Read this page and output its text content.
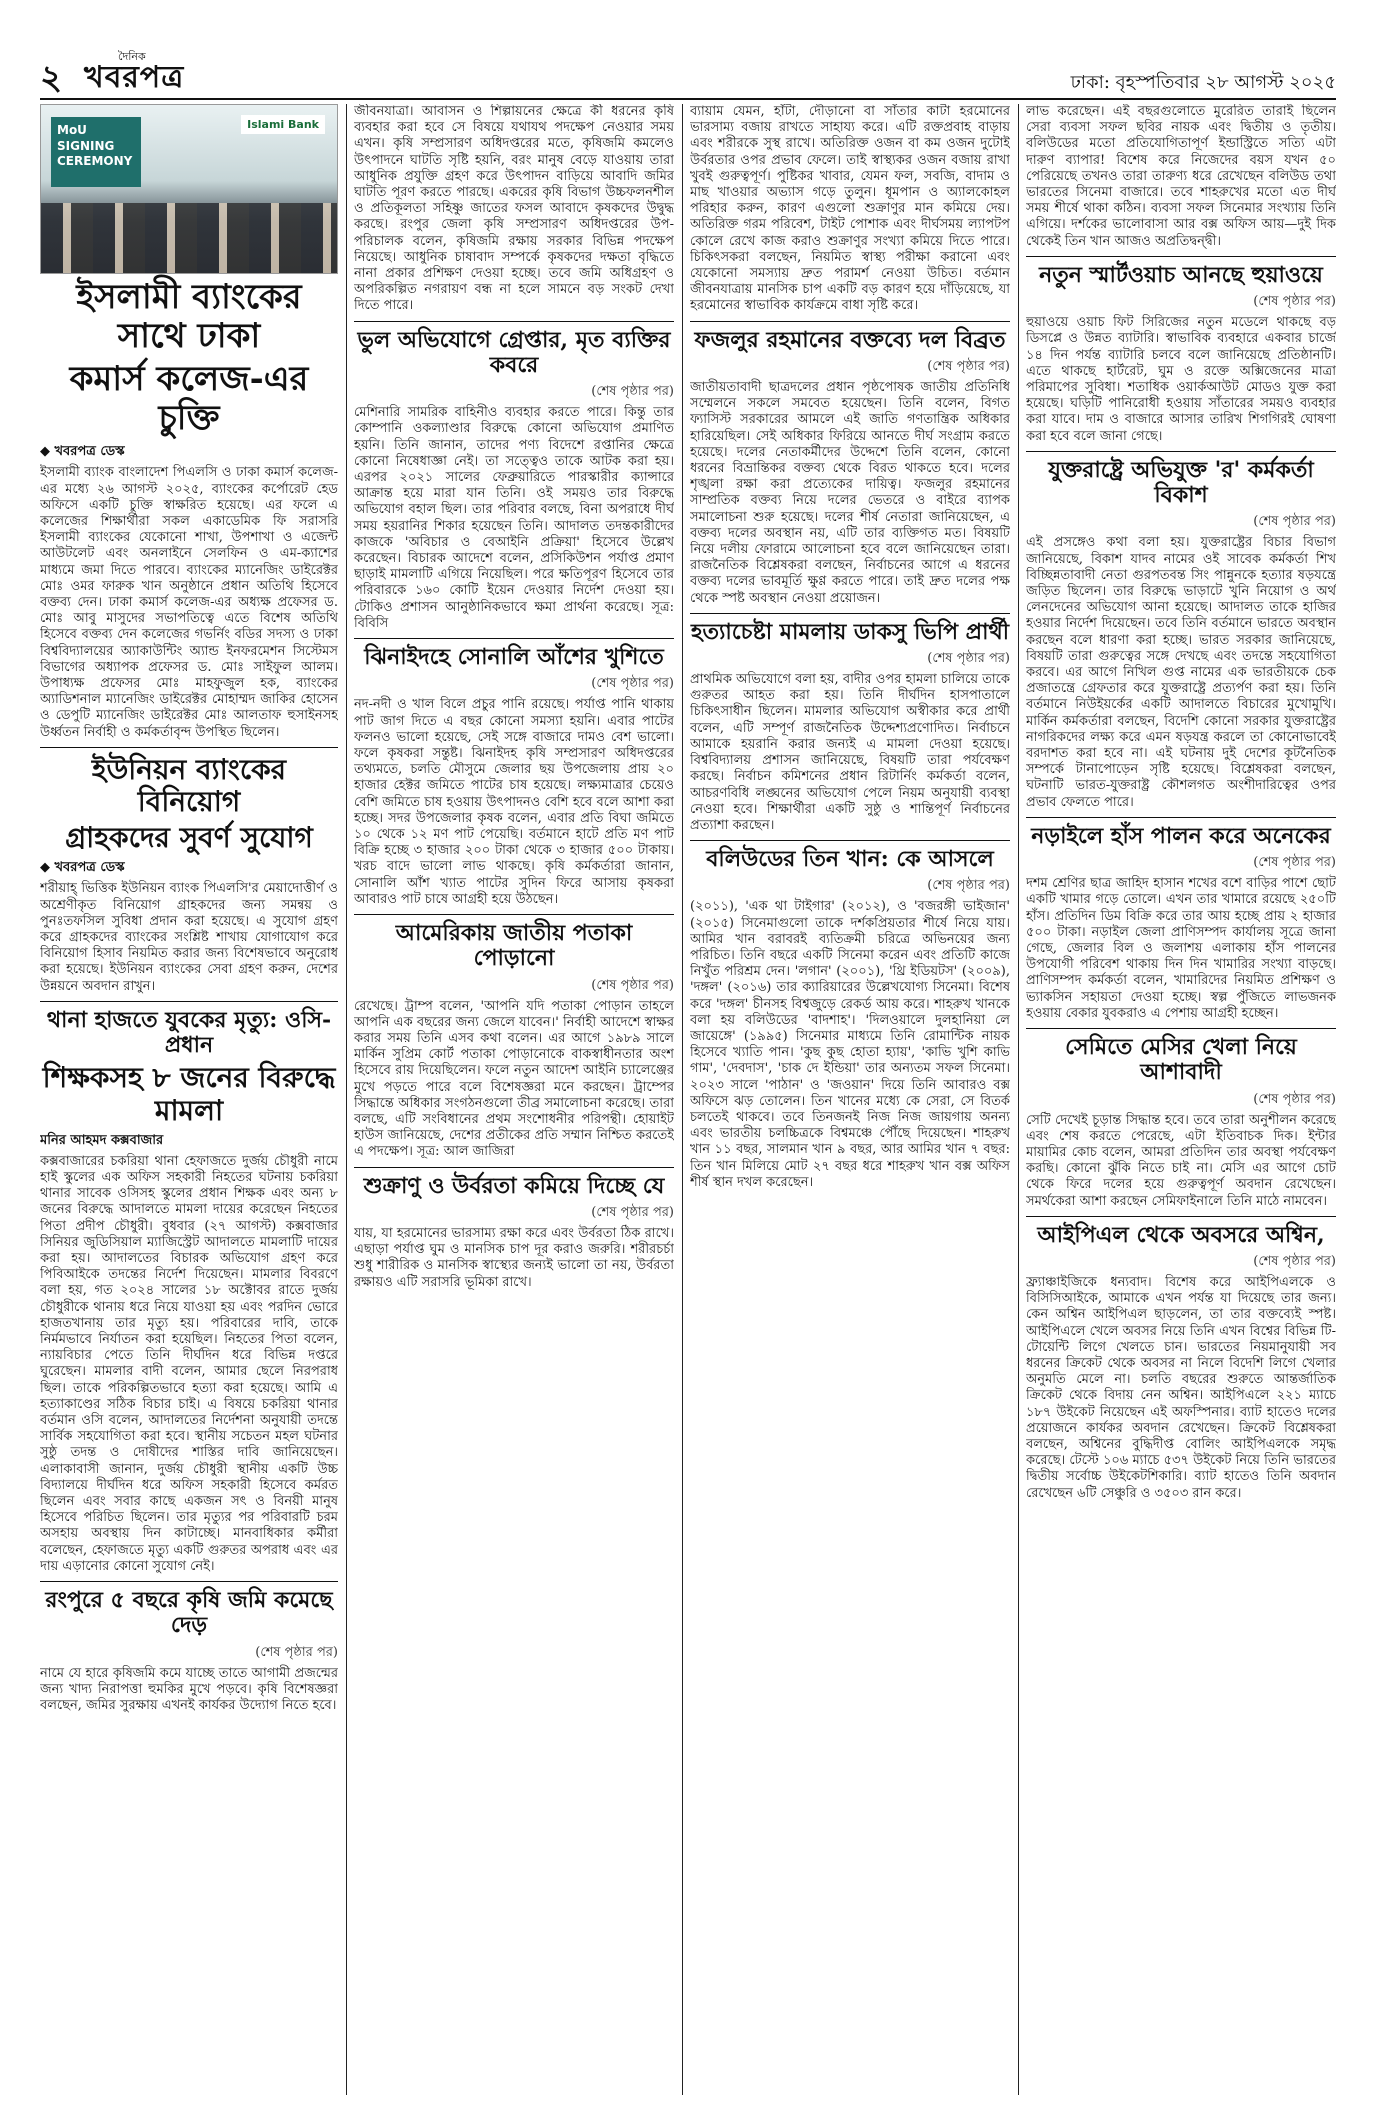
২
দৈনিক
খবরপত্র	ঢাকা: বৃহস্পতিবার ২৮ আগস্ট ২০২৫
MoU SIGNING CEREMONY
Islami Bank
ইসলামী ব্যাংকের সাথে ঢাকা
কমার্স কলেজ-এর চুক্তি
◆ খবরপত্র ডেস্ক

ইসলামী ব্যাংক বাংলাদেশ পিএলসি ও ঢাকা কমার্স কলেজ-এর মধ্যে ২৬ আগস্ট ২০২৫, ব্যাংকের কর্পোরেট হেড অফিসে একটি চুক্তি স্বাক্ষরিত হয়েছে। এর ফলে এ কলেজের শিক্ষার্থীরা সকল একাডেমিক ফি সরাসরি ইসলামী ব্যাংকের যেকোনো শাখা, উপশাখা ও এজেন্ট আউটলেট এবং অনলাইনে সেলফিন ও এম-ক্যাশের মাধ্যমে জমা দিতে পারবে। ব্যাংকের ম্যানেজিং ডাইরেক্টর মোঃ ওমর ফারুক খান অনুষ্ঠানে প্রধান অতিথি হিসেবে বক্তব্য দেন। ঢাকা কমার্স কলেজ-এর অধ্যক্ষ প্রফেসর ড. মোঃ আবু মাসুদের সভাপতিত্বে এতে বিশেষ অতিথি হিসেবে বক্তব্য দেন কলেজের গভর্নিং বডির সদস্য ও ঢাকা বিশ্ববিদ্যালয়ের অ্যাকাউন্টিং অ্যান্ড ইনফরমেশন সিস্টেমস বিভাগের অধ্যাপক প্রফেসর ড. মোঃ সাইফুল আলম। উপাধ্যক্ষ প্রফেসর মোঃ মাহফুজুল হক, ব্যাংকের অ্যাডিশনাল ম্যানেজিং ডাইরেক্টর মোহাম্মদ জাকির হোসেন ও ডেপুটি ম্যানেজিং ডাইরেক্টর মোঃ আলতাফ হুসাইনসহ উর্ধ্বতন নির্বাহী ও কর্মকর্তাবৃন্দ উপস্থিত ছিলেন।

ইউনিয়ন ব্যাংকের বিনিয়োগ
গ্রাহকদের সুবর্ণ সুযোগ
◆ খবরপত্র ডেস্ক

শরীয়াহ্ ভিত্তিক ইউনিয়ন ব্যাংক পিএলসি'র মেয়াদোত্তীর্ণ ও অশ্রেণীকৃত বিনিয়োগ গ্রাহকদের জন্য সমন্বয় ও পুনঃতফসিল সুবিধা প্রদান করা হয়েছে। এ সুযোগ গ্রহণ করে গ্রাহকদের ব্যাংকের সংশ্লিষ্ট শাখায় যোগাযোগ করে বিনিয়োগ হিসাব নিয়মিত করার জন্য বিশেষভাবে অনুরোধ করা হয়েছে। ইউনিয়ন ব্যাংকের সেবা গ্রহণ করুন, দেশের উন্নয়নে অবদান রাখুন।

থানা হাজতে যুবকের মৃত্যু: ওসি-প্রধান
শিক্ষকসহ ৮ জনের বিরুদ্ধে মামলা
মনির আহমদ কক্সবাজার

কক্সবাজারের চকরিয়া থানা হেফাজতে দুর্জয় চৌধুরী নামে হাই স্কুলের এক অফিস সহকারী নিহতের ঘটনায় চকরিয়া থানার সাবেক ওসিসহ স্কুলের প্রধান শিক্ষক এবং অন্য ৮ জনের বিরুদ্ধে আদালতে মামলা দায়ের করেছেন নিহতের পিতা প্রদীপ চৌধুরী। বুধবার (২৭ আগস্ট) কক্সবাজার সিনিয়র জুডিসিয়াল ম্যাজিস্ট্রেট আদালতে মামলাটি দায়ের করা হয়। আদালতের বিচারক অভিযোগ গ্রহণ করে পিবিআইকে তদন্তের নির্দেশ দিয়েছেন। মামলার বিবরণে বলা হয়, গত ২০২৪ সালের ১৮ অক্টোবর রাতে দুর্জয় চৌধুরীকে থানায় ধরে নিয়ে যাওয়া হয় এবং পরদিন ভোরে হাজতখানায় তার মৃত্যু হয়। পরিবারের দাবি, তাকে নির্মমভাবে নির্যাতন করা হয়েছিল। নিহতের পিতা বলেন, ন্যায়বিচার পেতে তিনি দীর্ঘদিন ধরে বিভিন্ন দপ্তরে ঘুরেছেন। মামলার বাদী বলেন, আমার ছেলে নিরপরাধ ছিল। তাকে পরিকল্পিতভাবে হত্যা করা হয়েছে। আমি এ হত্যাকাণ্ডের সঠিক বিচার চাই। এ বিষয়ে চকরিয়া থানার বর্তমান ওসি বলেন, আদালতের নির্দেশনা অনুযায়ী তদন্তে সার্বিক সহযোগিতা করা হবে। স্থানীয় সচেতন মহল ঘটনার সুষ্ঠু তদন্ত ও দোষীদের শাস্তির দাবি জানিয়েছেন। এলাকাবাসী জানান, দুর্জয় চৌধুরী স্থানীয় একটি উচ্চ বিদ্যালয়ে দীর্ঘদিন ধরে অফিস সহকারী হিসেবে কর্মরত ছিলেন এবং সবার কাছে একজন সৎ ও বিনয়ী মানুষ হিসেবে পরিচিত ছিলেন। তার মৃত্যুর পর পরিবারটি চরম অসহায় অবস্থায় দিন কাটাচ্ছে। মানবাধিকার কর্মীরা বলেছেন, হেফাজতে মৃত্যু একটি গুরুতর অপরাধ এবং এর দায় এড়ানোর কোনো সুযোগ নেই।

রংপুরে ৫ বছরে কৃষি জমি কমেছে দেড়
(শেষ পৃষ্ঠার পর)

নামে যে হারে কৃষিজমি কমে যাচ্ছে তাতে আগামী প্রজন্মের জন্য খাদ্য নিরাপত্তা হুমকির মুখে পড়বে। কৃষি বিশেষজ্ঞরা বলছেন, জমির সুরক্ষায় এখনই কার্যকর উদ্যোগ নিতে হবে।

জীবনযাত্রা। আবাসন ও শিল্পায়নের ক্ষেত্রে কী ধরনের কৃষি ব্যবহার করা হবে সে বিষয়ে যথাযথ পদক্ষেপ নেওয়ার সময় এখন। কৃষি সম্প্রসারণ অধিদপ্তরের মতে, কৃষিজমি কমলেও উৎপাদনে ঘাটতি সৃষ্টি হয়নি, বরং মানুষ বেড়ে যাওয়ায় তারা আধুনিক প্রযুক্তি গ্রহণ করে উৎপাদন বাড়িয়ে আবাদি জমির ঘাটতি পূরণ করতে পারছে। একরের কৃষি বিভাগ উচ্চফলনশীল ও প্রতিকূলতা সহিষ্ণু জাতের ফসল আবাদে কৃষকদের উদ্বুদ্ধ করছে। রংপুর জেলা কৃষি সম্প্রসারণ অধিদপ্তরের উপ-পরিচালক বলেন, কৃষিজমি রক্ষায় সরকার বিভিন্ন পদক্ষেপ নিয়েছে। আধুনিক চাষাবাদ সম্পর্কে কৃষকদের দক্ষতা বৃদ্ধিতে নানা প্রকার প্রশিক্ষণ দেওয়া হচ্ছে। তবে জমি অধিগ্রহণ ও অপরিকল্পিত নগরায়ণ বন্ধ না হলে সামনে বড় সংকট দেখা দিতে পারে।

ভুল অভিযোগে গ্রেপ্তার, মৃত ব্যক্তির কবরে
(শেষ পৃষ্ঠার পর)

মেশিনারি সামরিক বাহিনীও ব্যবহার করতে পারে। কিন্তু তার কোম্পানি ওকল্যাণ্ডার বিরুদ্ধে কোনো অভিযোগ প্রমাণিত হয়নি। তিনি জানান, তাদের পণ্য বিদেশে রপ্তানির ক্ষেত্রে কোনো নিষেধাজ্ঞা নেই। তা সত্ত্বেও তাকে আটক করা হয়। এরপর ২০২১ সালের ফেব্রুয়ারিতে পারস্কারীর ক্যান্সারে আক্রান্ত হয়ে মারা যান তিনি। ওই সময়ও তার বিরুদ্ধে অভিযোগ বহাল ছিল। তার পরিবার বলছে, বিনা অপরাধে দীর্ঘ সময় হয়রানির শিকার হয়েছেন তিনি। আদালত তদন্তকারীদের কাজকে 'অবিচার ও বেআইনি প্রক্রিয়া' হিসেবে উল্লেখ করেছেন। বিচারক আদেশে বলেন, প্রসিকিউশন পর্যাপ্ত প্রমাণ ছাড়াই মামলাটি এগিয়ে নিয়েছিল। পরে ক্ষতিপূরণ হিসেবে তার পরিবারকে ১৬০ কোটি ইয়েন দেওয়ার নির্দেশ দেওয়া হয়। টোকিও প্রশাসন আনুষ্ঠানিকভাবে ক্ষমা প্রার্থনা করেছে। সূত্র: বিবিসি

ঝিনাইদহে সোনালি আঁশের খুশিতে
(শেষ পৃষ্ঠার পর)

নদ-নদী ও খাল বিলে প্রচুর পানি রয়েছে। পর্যাপ্ত পানি থাকায় পাট জাগ দিতে এ বছর কোনো সমস্যা হয়নি। এবার পাটের ফলনও ভালো হয়েছে, সেই সঙ্গে বাজারে দামও বেশ ভালো। ফলে কৃষকরা সন্তুষ্ট। ঝিনাইদহ কৃষি সম্প্রসারণ অধিদপ্তরের তথ্যমতে, চলতি মৌসুমে জেলার ছয় উপজেলায় প্রায় ২০ হাজার হেক্টর জমিতে পাটের চাষ হয়েছে। লক্ষ্যমাত্রার চেয়েও বেশি জমিতে চাষ হওয়ায় উৎপাদনও বেশি হবে বলে আশা করা হচ্ছে। সদর উপজেলার কৃষক বলেন, এবার প্রতি বিঘা জমিতে ১০ থেকে ১২ মণ পাট পেয়েছি। বর্তমানে হাটে প্রতি মণ পাট বিক্রি হচ্ছে ৩ হাজার ২০০ টাকা থেকে ৩ হাজার ৫০০ টাকায়। খরচ বাদে ভালো লাভ থাকছে। কৃষি কর্মকর্তারা জানান, সোনালি আঁশ খ্যাত পাটের সুদিন ফিরে আসায় কৃষকরা আবারও পাট চাষে আগ্রহী হয়ে উঠছেন।

আমেরিকায় জাতীয় পতাকা পোড়ানো
(শেষ পৃষ্ঠার পর)

রেখেছে। ট্রাম্প বলেন, 'আপনি যদি পতাকা পোড়ান তাহলে আপনি এক বছরের জন্য জেলে যাবেন।' নির্বাহী আদেশে স্বাক্ষর করার সময় তিনি এসব কথা বলেন। এর আগে ১৯৮৯ সালে মার্কিন সুপ্রিম কোর্ট পতাকা পোড়ানোকে বাকস্বাধীনতার অংশ হিসেবে রায় দিয়েছিলেন। ফলে নতুন আদেশ আইনি চ্যালেঞ্জের মুখে পড়তে পারে বলে বিশেষজ্ঞরা মনে করছেন। ট্রাম্পের সিদ্ধান্তে অধিকার সংগঠনগুলো তীব্র সমালোচনা করেছে। তারা বলছে, এটি সংবিধানের প্রথম সংশোধনীর পরিপন্থী। হোয়াইট হাউস জানিয়েছে, দেশের প্রতীকের প্রতি সম্মান নিশ্চিত করতেই এ পদক্ষেপ। সূত্র: আল জাজিরা

শুক্রাণু ও উর্বরতা কমিয়ে দিচ্ছে যে
(শেষ পৃষ্ঠার পর)

যায়, যা হরমোনের ভারসাম্য রক্ষা করে এবং উর্বরতা ঠিক রাখে। এছাড়া পর্যাপ্ত ঘুম ও মানসিক চাপ দূর করাও জরুরি। শরীরচর্চা শুধু শারীরিক ও মানসিক স্বাস্থ্যের জন্যই ভালো তা নয়, উর্বরতা রক্ষায়ও এটি সরাসরি ভূমিকা রাখে।

ব্যায়াম যেমন, হাঁটা, দৌড়ানো বা সাঁতার কাটা হরমোনের ভারসাম্য বজায় রাখতে সাহায্য করে। এটি রক্তপ্রবাহ বাড়ায় এবং শরীরকে সুস্থ রাখে। অতিরিক্ত ওজন বা কম ওজন দুটোই উর্বরতার ওপর প্রভাব ফেলে। তাই স্বাস্থ্যকর ওজন বজায় রাখা খুবই গুরুত্বপূর্ণ। পুষ্টিকর খাবার, যেমন ফল, সবজি, বাদাম ও মাছ খাওয়ার অভ্যাস গড়ে তুলুন। ধূমপান ও অ্যালকোহল পরিহার করুন, কারণ এগুলো শুক্রাণুর মান কমিয়ে দেয়। অতিরিক্ত গরম পরিবেশ, টাইট পোশাক এবং দীর্ঘসময় ল্যাপটপ কোলে রেখে কাজ করাও শুক্রাণুর সংখ্যা কমিয়ে দিতে পারে। চিকিৎসকরা বলছেন, নিয়মিত স্বাস্থ্য পরীক্ষা করানো এবং যেকোনো সমস্যায় দ্রুত পরামর্শ নেওয়া উচিত। বর্তমান জীবনযাত্রায় মানসিক চাপ একটি বড় কারণ হয়ে দাঁড়িয়েছে, যা হরমোনের স্বাভাবিক কার্যক্রমে বাধা সৃষ্টি করে।

ফজলুর রহমানের বক্তব্যে দল বিব্রত
(শেষ পৃষ্ঠার পর)

জাতীয়তাবাদী ছাত্রদলের প্রধান পৃষ্ঠপোষক জাতীয় প্রতিনিধি সম্মেলনে সকলে সমবেত হয়েছেন। তিনি বলেন, বিগত ফ্যাসিস্ট সরকারের আমলে এই জাতি গণতান্ত্রিক অধিকার হারিয়েছিল। সেই অধিকার ফিরিয়ে আনতে দীর্ঘ সংগ্রাম করতে হয়েছে। দলের নেতাকর্মীদের উদ্দেশে তিনি বলেন, কোনো ধরনের বিভ্রান্তিকর বক্তব্য থেকে বিরত থাকতে হবে। দলের শৃঙ্খলা রক্ষা করা প্রত্যেকের দায়িত্ব। ফজলুর রহমানের সাম্প্রতিক বক্তব্য নিয়ে দলের ভেতরে ও বাইরে ব্যাপক সমালোচনা শুরু হয়েছে। দলের শীর্ষ নেতারা জানিয়েছেন, এ বক্তব্য দলের অবস্থান নয়, এটি তার ব্যক্তিগত মত। বিষয়টি নিয়ে দলীয় ফোরামে আলোচনা হবে বলে জানিয়েছেন তারা। রাজনৈতিক বিশ্লেষকরা বলছেন, নির্বাচনের আগে এ ধরনের বক্তব্য দলের ভাবমূর্তি ক্ষুণ্ণ করতে পারে। তাই দ্রুত দলের পক্ষ থেকে স্পষ্ট অবস্থান নেওয়া প্রয়োজন।

হত্যাচেষ্টা মামলায় ডাকসু ভিপি প্রার্থী
(শেষ পৃষ্ঠার পর)

প্রাথমিক অভিযোগে বলা হয়, বাদীর ওপর হামলা চালিয়ে তাকে গুরুতর আহত করা হয়। তিনি দীর্ঘদিন হাসপাতালে চিকিৎসাধীন ছিলেন। মামলার অভিযোগ অস্বীকার করে প্রার্থী বলেন, এটি সম্পূর্ণ রাজনৈতিক উদ্দেশ্যপ্রণোদিত। নির্বাচনে আমাকে হয়রানি করার জন্যই এ মামলা দেওয়া হয়েছে। বিশ্ববিদ্যালয় প্রশাসন জানিয়েছে, বিষয়টি তারা পর্যবেক্ষণ করছে। নির্বাচন কমিশনের প্রধান রিটার্নিং কর্মকর্তা বলেন, আচরণবিধি লঙ্ঘনের অভিযোগ পেলে নিয়ম অনুযায়ী ব্যবস্থা নেওয়া হবে। শিক্ষার্থীরা একটি সুষ্ঠু ও শান্তিপূর্ণ নির্বাচনের প্রত্যাশা করছেন।

বলিউডের তিন খান: কে আসলে
(শেষ পৃষ্ঠার পর)

(২০১১), 'এক থা টাইগার' (২০১২), ও 'বজরঙ্গী ভাইজান' (২০১৫) সিনেমাগুলো তাকে দর্শকপ্রিয়তার শীর্ষে নিয়ে যায়। আমির খান বরাবরই ব্যতিক্রমী চরিত্রে অভিনয়ের জন্য পরিচিত। তিনি বছরে একটি সিনেমা করেন এবং প্রতিটি কাজে নিখুঁত পরিশ্রম দেন। 'লগান' (২০০১), 'থ্রি ইডিয়টস' (২০০৯), 'দঙ্গল' (২০১৬) তার ক্যারিয়ারের উল্লেখযোগ্য সিনেমা। বিশেষ করে 'দঙ্গল' চীনসহ বিশ্বজুড়ে রেকর্ড আয় করে। শাহরুখ খানকে বলা হয় বলিউডের 'বাদশাহ'। 'দিলওয়ালে দুলহানিয়া লে জায়েঙ্গে' (১৯৯৫) সিনেমার মাধ্যমে তিনি রোমান্টিক নায়ক হিসেবে খ্যাতি পান। 'কুছ কুছ হোতা হ্যায়', 'কাভি খুশি কাভি গাম', 'দেবদাস', 'চাক দে ইন্ডিয়া' তার অন্যতম সফল সিনেমা। ২০২৩ সালে 'পাঠান' ও 'জওয়ান' দিয়ে তিনি আবারও বক্স অফিসে ঝড় তোলেন। তিন খানের মধ্যে কে সেরা, সে বিতর্ক চলতেই থাকবে। তবে তিনজনই নিজ নিজ জায়গায় অনন্য এবং ভারতীয় চলচ্চিত্রকে বিশ্বমঞ্চে পৌঁছে দিয়েছেন। শাহরুখ খান ১১ বছর, সালমান খান ৯ বছর, আর আমির খান ৭ বছর: তিন খান মিলিয়ে মোট ২৭ বছর ধরে শাহরুখ খান বক্স অফিস শীর্ষ স্থান দখল করেছেন।

লাভ করেছেন। এই বছরগুলোতে মুরেরিত তারাই ছিলেন সেরা ব্যবসা সফল ছবির নায়ক এবং দ্বিতীয় ও তৃতীয়। বলিউডের মতো প্রতিযোগিতাপূর্ণ ইন্ডাস্ট্রিতে সত্যি এটা দারুণ ব্যাপার! বিশেষ করে নিজেদের বয়স যখন ৫০ পেরিয়েছে তখনও তারা তারুণ্য ধরে রেখেছেন বলিউড তথা ভারতের সিনেমা বাজারে। তবে শাহরুখের মতো এত দীর্ঘ সময় শীর্ষে থাকা কঠিন। ব্যবসা সফল সিনেমার সংখ্যায় তিনি এগিয়ে। দর্শকের ভালোবাসা আর বক্স অফিস আয়—দুই দিক থেকেই তিন খান আজও অপ্রতিদ্বন্দ্বী।

নতুন স্মার্টওয়াচ আনছে হুয়াওয়ে
(শেষ পৃষ্ঠার পর)

হুয়াওয়ে ওয়াচ ফিট সিরিজের নতুন মডেলে থাকছে বড় ডিসপ্লে ও উন্নত ব্যাটারি। স্বাভাবিক ব্যবহারে একবার চার্জে ১৪ দিন পর্যন্ত ব্যাটারি চলবে বলে জানিয়েছে প্রতিষ্ঠানটি। এতে থাকছে হার্টরেট, ঘুম ও রক্তে অক্সিজেনের মাত্রা পরিমাপের সুবিধা। শতাধিক ওয়ার্কআউট মোডও যুক্ত করা হয়েছে। ঘড়িটি পানিরোধী হওয়ায় সাঁতারের সময়ও ব্যবহার করা যাবে। দাম ও বাজারে আসার তারিখ শিগগিরই ঘোষণা করা হবে বলে জানা গেছে।

যুক্তরাষ্ট্রে অভিযুক্ত 'র' কর্মকর্তা বিকাশ
(শেষ পৃষ্ঠার পর)

এই প্রসঙ্গেও কথা বলা হয়। যুক্তরাষ্ট্রের বিচার বিভাগ জানিয়েছে, বিকাশ যাদব নামের ওই সাবেক কর্মকর্তা শিখ বিচ্ছিন্নতাবাদী নেতা গুরপতবন্ত সিং পান্নুনকে হত্যার ষড়যন্ত্রে জড়িত ছিলেন। তার বিরুদ্ধে ভাড়াটে খুনি নিয়োগ ও অর্থ লেনদেনের অভিযোগ আনা হয়েছে। আদালত তাকে হাজির হওয়ার নির্দেশ দিয়েছেন। তবে তিনি বর্তমানে ভারতে অবস্থান করছেন বলে ধারণা করা হচ্ছে। ভারত সরকার জানিয়েছে, বিষয়টি তারা গুরুত্বের সঙ্গে দেখছে এবং তদন্তে সহযোগিতা করবে। এর আগে নিখিল গুপ্ত নামের এক ভারতীয়কে চেক প্রজাতন্ত্রে গ্রেফতার করে যুক্তরাষ্ট্রে প্রত্যর্পণ করা হয়। তিনি বর্তমানে নিউইয়র্কের একটি আদালতে বিচারের মুখোমুখি। মার্কিন কর্মকর্তারা বলছেন, বিদেশি কোনো সরকার যুক্তরাষ্ট্রের নাগরিকদের লক্ষ্য করে এমন ষড়যন্ত্র করলে তা কোনোভাবেই বরদাশত করা হবে না। এই ঘটনায় দুই দেশের কূটনৈতিক সম্পর্কে টানাপোড়েন সৃষ্টি হয়েছে। বিশ্লেষকরা বলছেন, ঘটনাটি ভারত-যুক্তরাষ্ট্র কৌশলগত অংশীদারিত্বের ওপর প্রভাব ফেলতে পারে।

নড়াইলে হাঁস পালন করে অনেকের
(শেষ পৃষ্ঠার পর)

দশম শ্রেণির ছাত্র জাহিদ হাসান শখের বশে বাড়ির পাশে ছোট একটি খামার গড়ে তোলে। এখন তার খামারে রয়েছে ২৫০টি হাঁস। প্রতিদিন ডিম বিক্রি করে তার আয় হচ্ছে প্রায় ২ হাজার ৫০০ টাকা। নড়াইল জেলা প্রাণিসম্পদ কার্যালয় সূত্রে জানা গেছে, জেলার বিল ও জলাশয় এলাকায় হাঁস পালনের উপযোগী পরিবেশ থাকায় দিন দিন খামারির সংখ্যা বাড়ছে। প্রাণিসম্পদ কর্মকর্তা বলেন, খামারিদের নিয়মিত প্রশিক্ষণ ও ভ্যাকসিন সহায়তা দেওয়া হচ্ছে। স্বল্প পুঁজিতে লাভজনক হওয়ায় বেকার যুবকরাও এ পেশায় আগ্রহী হচ্ছেন।

সেমিতে মেসির খেলা নিয়ে আশাবাদী
(শেষ পৃষ্ঠার পর)

সেটি দেখেই চূড়ান্ত সিদ্ধান্ত হবে। তবে তারা অনুশীলন করেছে এবং শেষ করতে পেরেছে, এটা ইতিবাচক দিক। ইন্টার মায়ামির কোচ বলেন, আমরা প্রতিদিন তার অবস্থা পর্যবেক্ষণ করছি। কোনো ঝুঁকি নিতে চাই না। মেসি এর আগে চোট থেকে ফিরে দলের হয়ে গুরুত্বপূর্ণ অবদান রেখেছেন। সমর্থকেরা আশা করছেন সেমিফাইনালে তিনি মাঠে নামবেন।

আইপিএল থেকে অবসরে অশ্বিন,
(শেষ পৃষ্ঠার পর)

ফ্র্যাঞ্চাইজিকে ধন্যবাদ। বিশেষ করে আইপিএলকে ও বিসিসিআইকে, আমাকে এখন পর্যন্ত যা দিয়েছে তার জন্য। কেন অশ্বিন আইপিএল ছাড়লেন, তা তার বক্তব্যেই স্পষ্ট। আইপিএলে খেলে অবসর নিয়ে তিনি এখন বিশ্বের বিভিন্ন টি-টোয়েন্টি লিগে খেলতে চান। ভারতের নিয়মানুযায়ী সব ধরনের ক্রিকেট থেকে অবসর না নিলে বিদেশি লিগে খেলার অনুমতি মেলে না। চলতি বছরের শুরুতে আন্তর্জাতিক ক্রিকেট থেকে বিদায় নেন অশ্বিন। আইপিএলে ২২১ ম্যাচে ১৮৭ উইকেট নিয়েছেন এই অফস্পিনার। ব্যাট হাতেও দলের প্রয়োজনে কার্যকর অবদান রেখেছেন। ক্রিকেট বিশ্লেষকরা বলছেন, অশ্বিনের বুদ্ধিদীপ্ত বোলিং আইপিএলকে সমৃদ্ধ করেছে। টেস্টে ১০৬ ম্যাচে ৫৩৭ উইকেট নিয়ে তিনি ভারতের দ্বিতীয় সর্বোচ্চ উইকেটশিকারি। ব্যাট হাতেও তিনি অবদান রেখেছেন ৬টি সেঞ্চুরি ও ৩৫০৩ রান করে।
